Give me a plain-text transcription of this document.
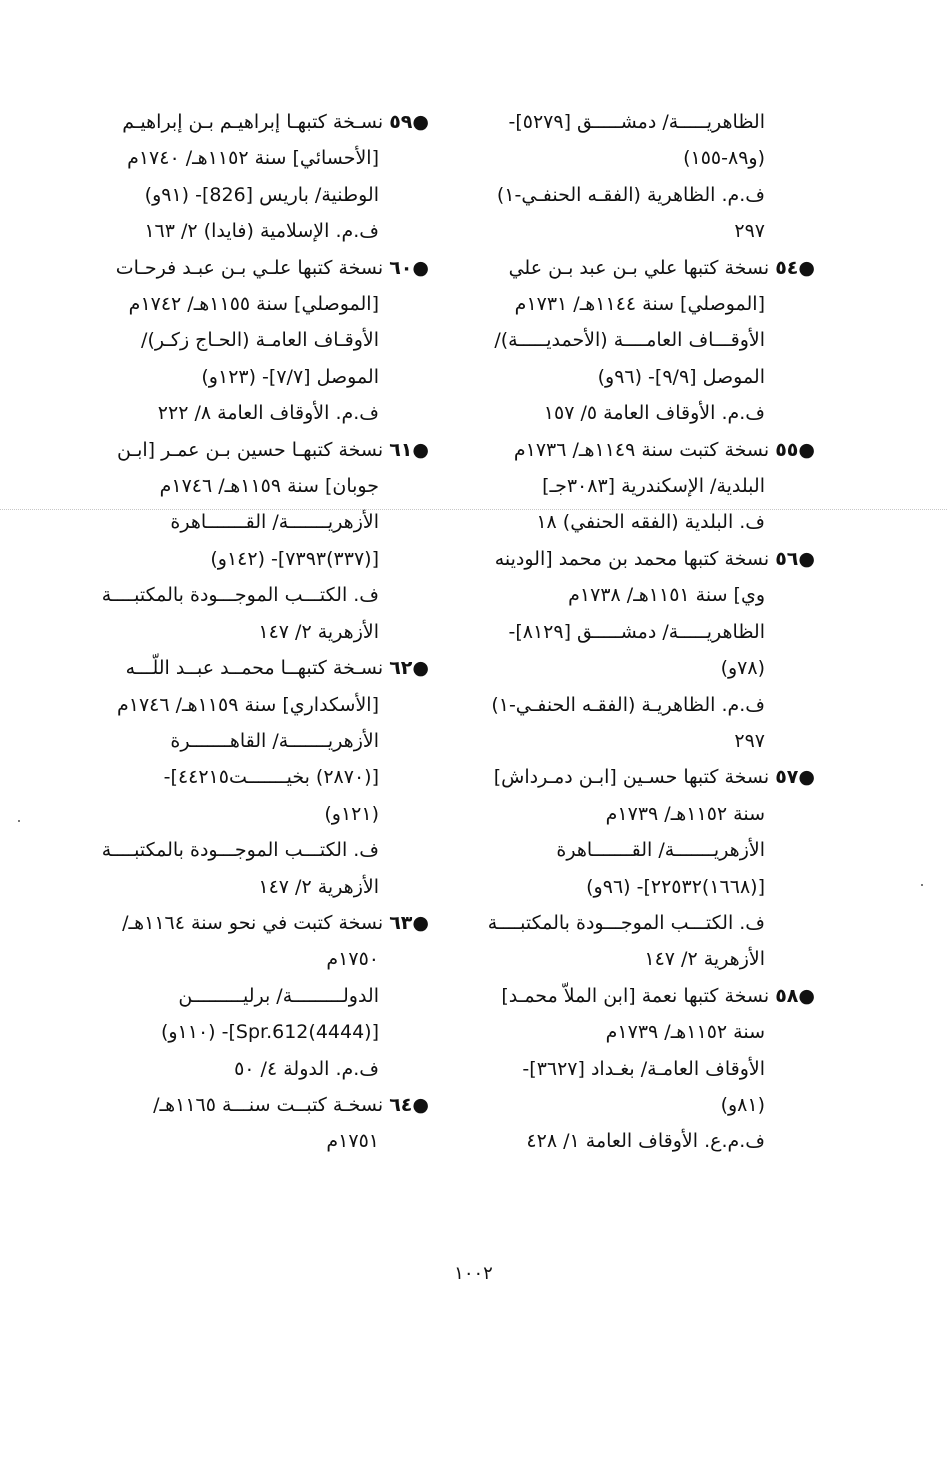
الظاهريـــــة/ دمشـــــق [٥٢٧٩]-
(و٨٩-١٥٥)
ف.م. الظاهرية (الفقـه الحنفـي-١)
٢٩٧
●٥٤ نسخة كتبها علي بـن عبد بـن علي
[الموصلي] سنة ١١٤٤هـ/ ١٧٣١م
الأوقـــاف العامــــة (الأحمديـــــة)/
الموصل [٩/٩]- (٩٦و)
ف.م. الأوقاف العامة ٥/ ١٥٧
●٥٥ نسخة كتبت سنة ١١٤٩هـ/ ١٧٣٦م
البلدية/ الإسكندرية [٣٠٨٣جـ]
ف. البلدية (الفقه الحنفي) ١٨
●٥٦ نسخة كتبها محمد بن محمد [الودينه
وي] سنة ١١٥١هـ/ ١٧٣٨م
الظاهريـــــة/ دمشـــــق [٨١٢٩]-
(٧٨و)
ف.م. الظاهريـة (الفقـه الحنفـي-١)
٢٩٧
●٥٧ نسخة كتبها حسـين [ابـن دمـرداش]
سنة ١١٥٢هـ/ ١٧٣٩م
الأزهريـــــــة/ القـــــــاهرة
[(١٦٦٨)٢٢٥٣٢]- (٩٦و)
ف. الكتـــب الموجـــودة بالمكتبــــة
الأزهرية ٢/ ١٤٧
●٥٨ نسخة كتبها نعمة [ابن الملاّ محمـد]
سنة ١١٥٢هـ/ ١٧٣٩م
الأوقاف العامـة/ بغـداد [٣٦٢٧]-
(٨١و)
ف.م.ع. الأوقاف العامة ١/ ٤٢٨
●٥٩ نسـخة كتبهـا إبراهيـم بـن إبراهيـم
[الأحسائي] سنة ١١٥٢هـ/ ١٧٤٠م
الوطنية/ باريس [826]- (٩١و)
ف.م. الإسلامية (فايدا) ٢/ ١٦٣
●٦٠ نسخة كتبها علـي بـن عبـد فرحـات
[الموصلي] سنة ١١٥٥هـ/ ١٧٤٢م
الأوقـاف العامـة (الحـاج زكـر)/
الموصل [٧/٧]- (١٢٣و)
ف.م. الأوقاف العامة ٨/ ٢٢٢
●٦١ نسخة كتبهـا حسين بـن عمـر [ابـن
جوبان] سنة ١١٥٩هـ/ ١٧٤٦م
الأزهريـــــــة/ القـــــــاهرة
[(٣٣٧)٧٣٩٣]- (١٤٢و)
ف. الكتـــب الموجـــودة بالمكتبــــة
الأزهرية ٢/ ١٤٧
●٦٢ نسـخة كتبهــا محمــد عبــد اللّـــه
[الأسكداري] سنة ١١٥٩هـ/ ١٧٤٦م
الأزهريـــــــة/ القاهـــــــرة
[(٢٨٧٠) بخيـــــــت٤٤٢١٥]-
(١٢١و)
ف. الكتـــب الموجـــودة بالمكتبــــة
الأزهرية ٢/ ١٤٧
●٦٣ نسخة كتبت في نحو سنة ١١٦٤هـ/
١٧٥٠م
الدولـــــــــة/ برليـــــــــن
[(4444)Spr.612]- (١١٠و)
ف.م. الدولة ٤/ ٥٠
●٦٤ نسخـة كتبــت سنـــة ١١٦٥هـ/
١٧٥١م
١٠٠٢
